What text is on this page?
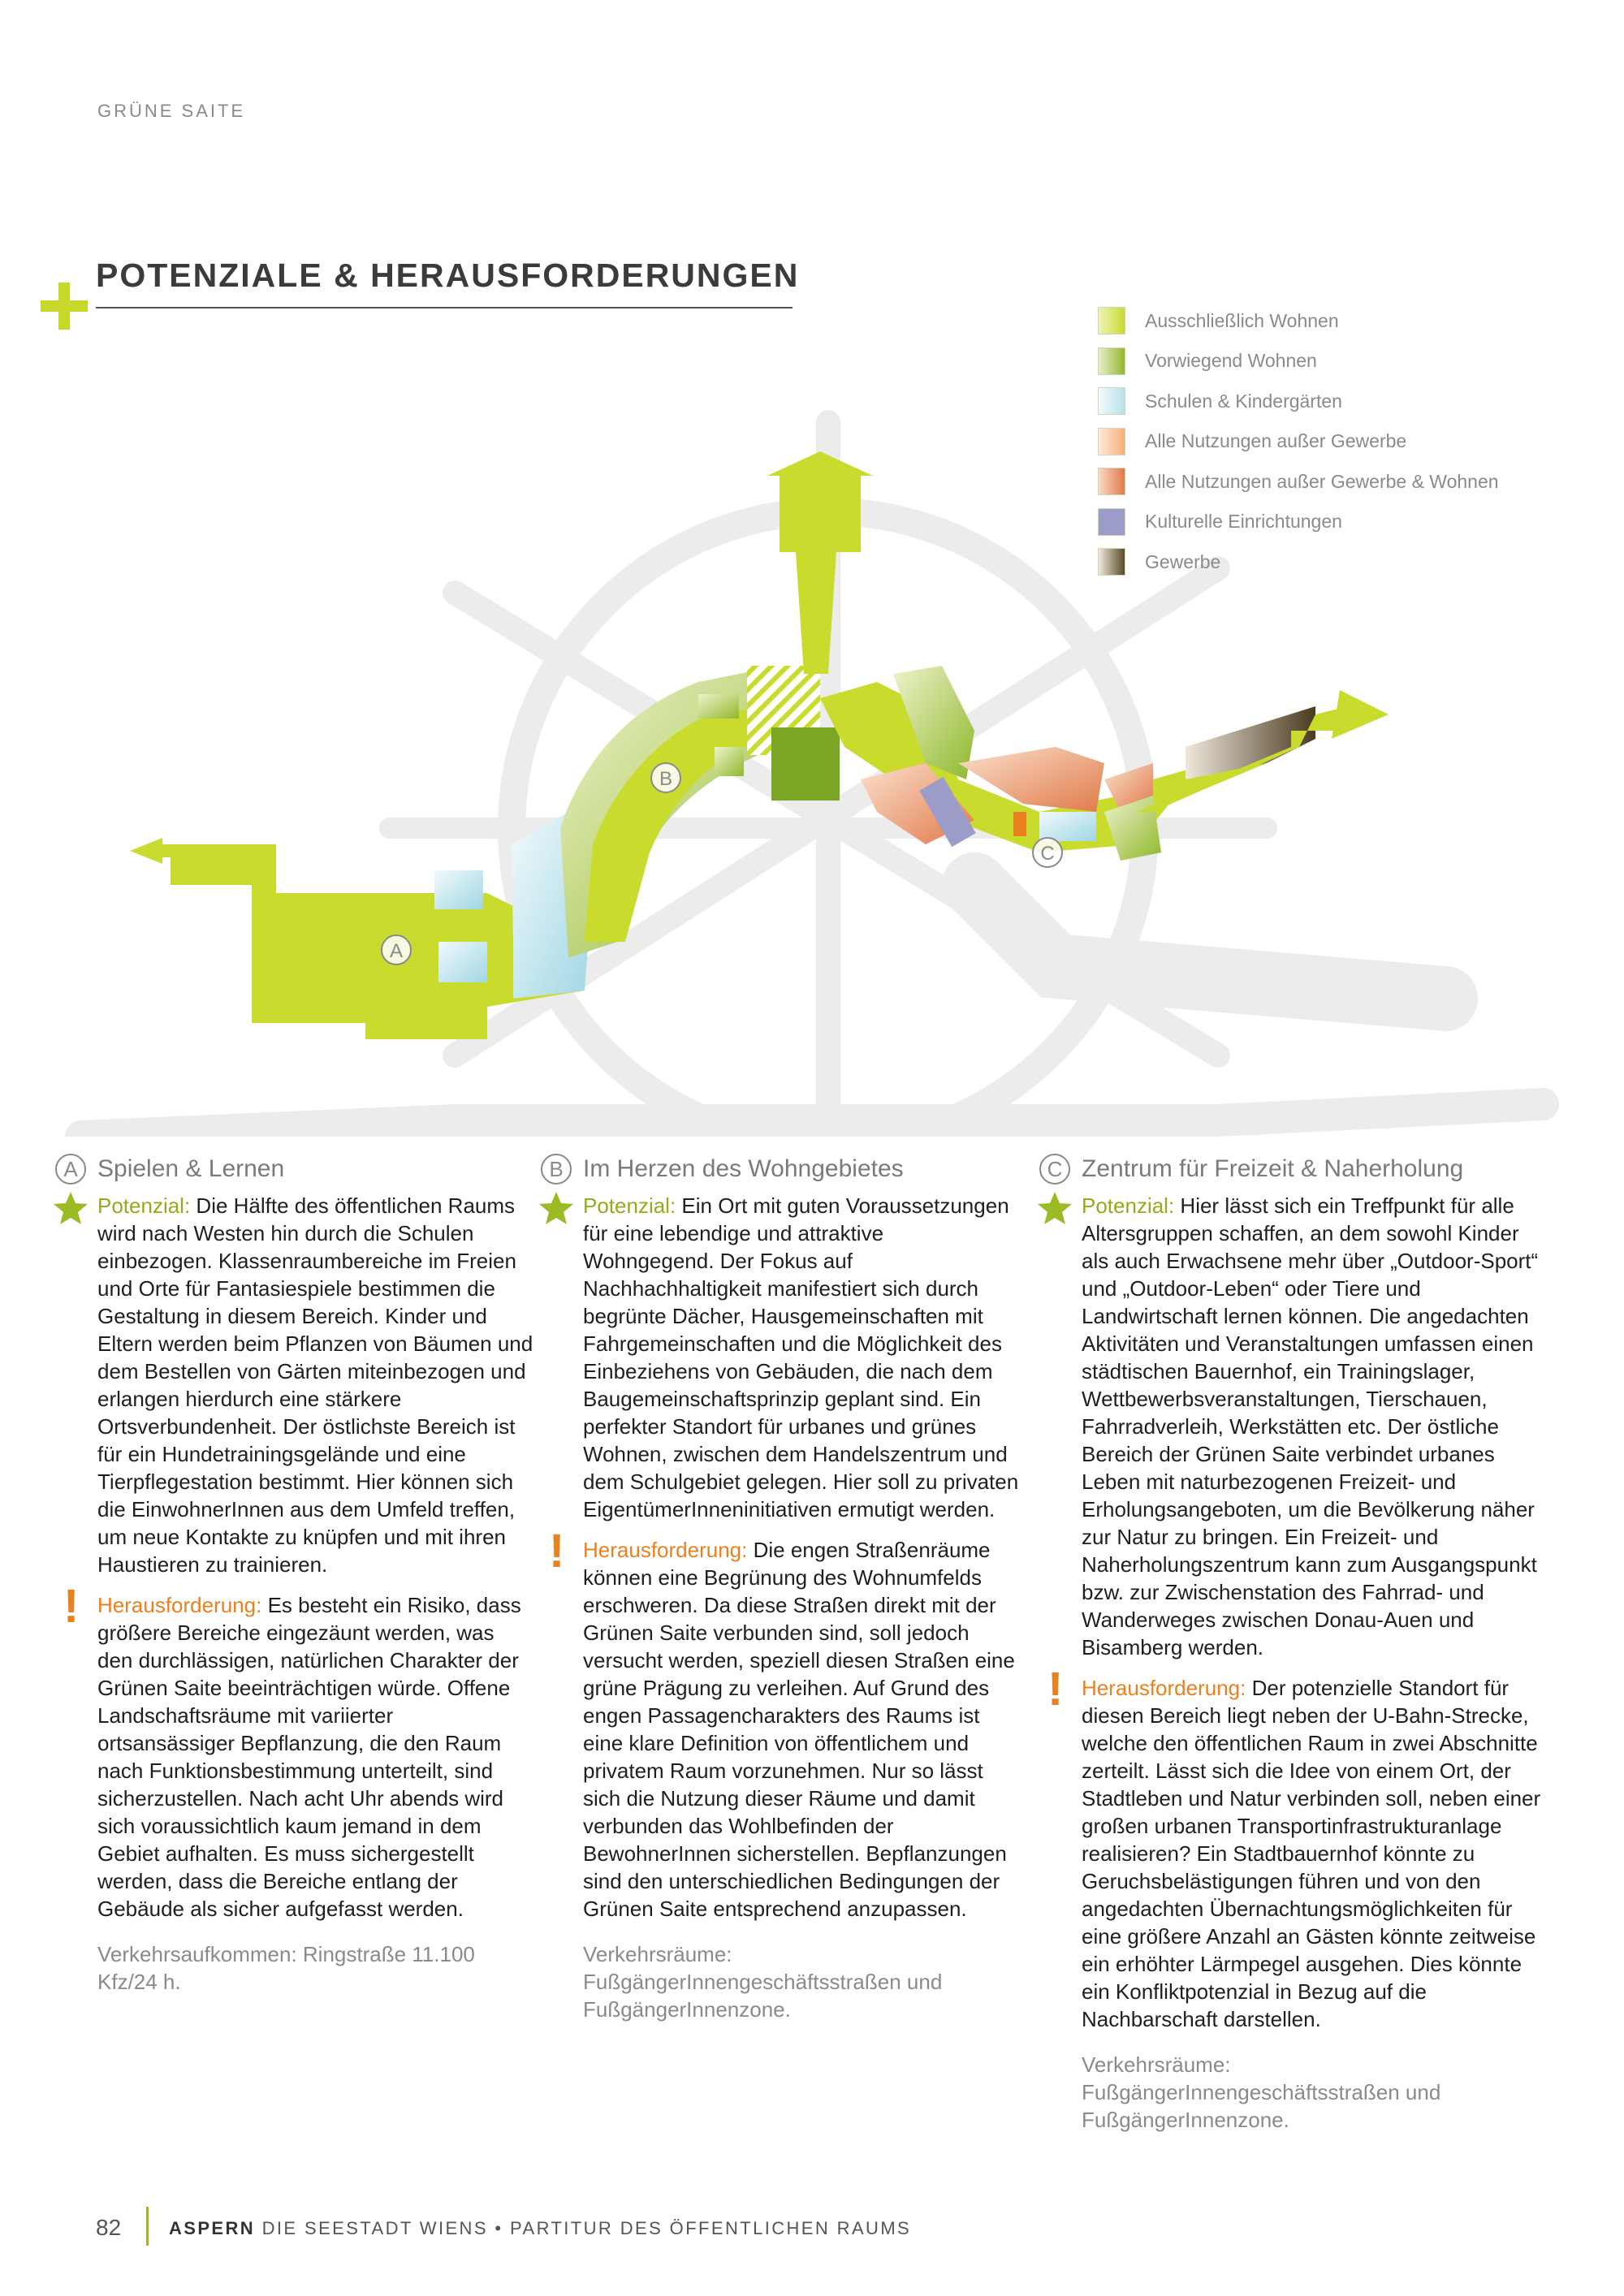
GRÜNE SAITE
POTENZIALE & HERAUSFORDERUNGEN
A
B
C
Ausschließlich Wohnen
Vorwiegend Wohnen
Schulen & Kindergärten
Alle Nutzungen außer Gewerbe
Alle Nutzungen außer Gewerbe & Wohnen
Kulturelle Einrichtungen
Gewerbe
A Spielen & Lernen
Potenzial: Die Hälfte des öffentlichen Raums wird nach Westen hin durch die Schulen einbezogen. Klassenraumbereiche im Freien und Orte für Fantasiespiele bestimmen die Gestaltung in diesem Bereich. Kinder und Eltern werden beim Pflanzen von Bäumen und dem Bestellen von Gärten miteinbezogen und erlangen hierdurch eine stärkere Ortsverbundenheit. Der östlichste Bereich ist für ein Hundetrainingsgelände und eine Tierpflegestation bestimmt. Hier können sich die EinwohnerInnen aus dem Umfeld treffen, um neue Kontakte zu knüpfen und mit ihren Haustieren zu trainieren.
! Herausforderung: Es besteht ein Risiko, dass größere Bereiche eingezäunt werden, was den durchlässigen, natürlichen Charakter der Grünen Saite beeinträchtigen würde. Offene Landschaftsräume mit variierter ortsansässiger Bepflanzung, die den Raum nach Funktionsbestimmung unterteilt, sind sicherzustellen. Nach acht Uhr abends wird sich voraussichtlich kaum jemand in dem Gebiet aufhalten. Es muss sichergestellt werden, dass die Bereiche entlang der Gebäude als sicher aufgefasst werden.
Verkehrsaufkommen: Ringstraße 11.100 Kfz/24 h.
B Im Herzen des Wohngebietes
Potenzial: Ein Ort mit guten Voraussetzungen für eine lebendige und attraktive Wohngegend. Der Fokus auf Nachhachhaltigkeit manifestiert sich durch begrünte Dächer, Hausgemeinschaften mit Fahrgemeinschaften und die Möglichkeit des Einbeziehens von Gebäuden, die nach dem Baugemeinschaftsprinzip geplant sind. Ein perfekter Standort für urbanes und grünes Wohnen, zwischen dem Handelszentrum und dem Schulgebiet gelegen. Hier soll zu privaten EigentümerInneninitiativen ermutigt werden.
! Herausforderung: Die engen Straßenräume können eine Begrünung des Wohnumfelds erschweren. Da diese Straßen direkt mit der Grünen Saite verbunden sind, soll jedoch versucht werden, speziell diesen Straßen eine grüne Prägung zu verleihen. Auf Grund des engen Passagencharakters des Raums ist eine klare Definition von öffentlichem und privatem Raum vorzunehmen. Nur so lässt sich die Nutzung dieser Räume und damit verbunden das Wohlbefinden der BewohnerInnen sicherstellen. Bepflanzungen sind den unterschiedlichen Bedingungen der Grünen Saite entsprechend anzupassen.
Verkehrsräume: FußgängerInnengeschäftsstraßen und FußgängerInnenzone.
C Zentrum für Freizeit & Naherholung
Potenzial: Hier lässt sich ein Treffpunkt für alle Altersgruppen schaffen, an dem sowohl Kinder als auch Erwachsene mehr über „Outdoor-Sport“ und „Outdoor-Leben“ oder Tiere und Landwirtschaft lernen können. Die angedachten Aktivitäten und Veranstaltungen umfassen einen städtischen Bauernhof, ein Trainingslager, Wettbewerbsveranstaltungen, Tierschauen, Fahrradverleih, Werkstätten etc. Der östliche Bereich der Grünen Saite verbindet urbanes Leben mit naturbezogenen Freizeit- und Erholungsangeboten, um die Bevölkerung näher zur Natur zu bringen. Ein Freizeit- und Naherholungszentrum kann zum Ausgangspunkt bzw. zur Zwischenstation des Fahrrad- und Wanderweges zwischen Donau-Auen und Bisamberg werden.
! Herausforderung: Der potenzielle Standort für diesen Bereich liegt neben der U-Bahn-Strecke, welche den öffentlichen Raum in zwei Abschnitte zerteilt. Lässt sich die Idee von einem Ort, der Stadtleben und Natur verbinden soll, neben einer großen urbanen Transportinfrastrukturanlage realisieren? Ein Stadtbauernhof könnte zu Geruchsbelästigungen führen und von den angedachten Übernachtungsmöglichkeiten für eine größere Anzahl an Gästen könnte zeitweise ein erhöhter Lärmpegel ausgehen. Dies könnte ein Konfliktpotenzial in Bezug auf die Nachbarschaft darstellen.
Verkehrsräume: FußgängerInnengeschäftsstraßen und FußgängerInnenzone.
82	ASPERN DIE SEESTADT WIENS • PARTITUR DES ÖFFENTLICHEN RAUMS
